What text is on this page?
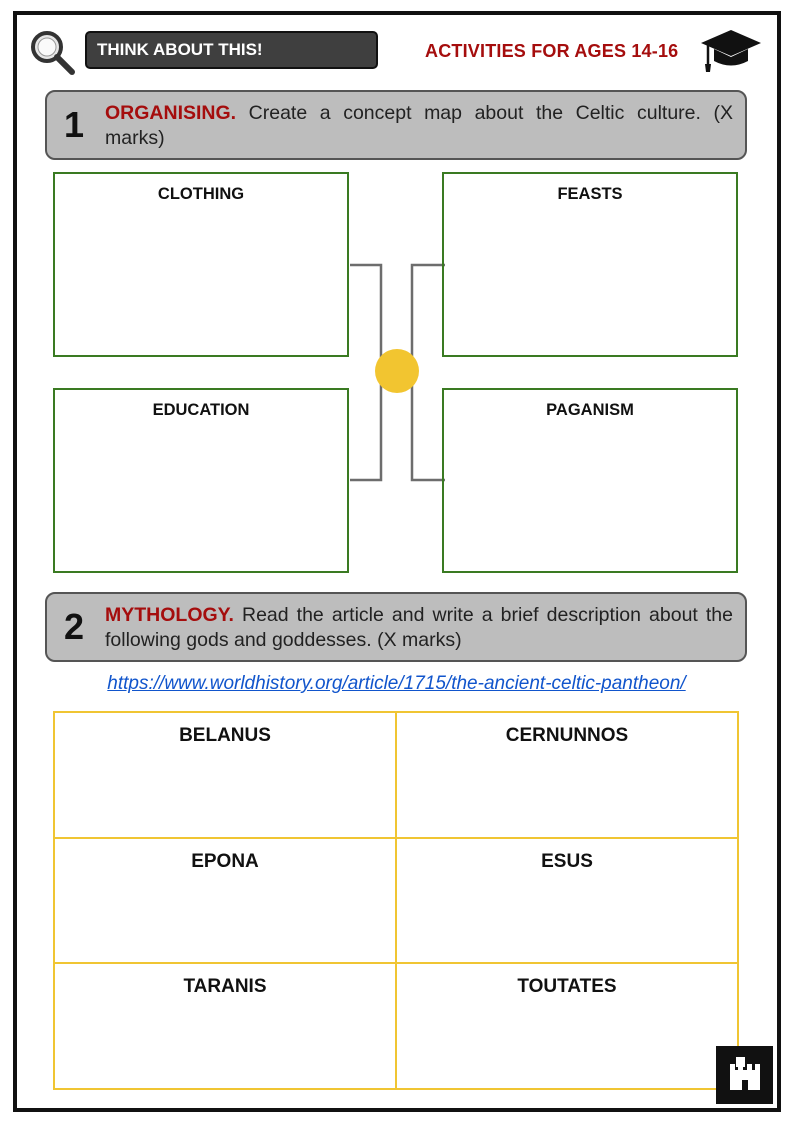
THINK ABOUT THIS!	ACTIVITIES FOR AGES 14-16
1 ORGANISING. Create a concept map about the Celtic culture. (X marks)
CLOTHING	FEASTS
EDUCATION	PAGANISM
2 MYTHOLOGY. Read the article and write a brief description about the following gods and goddesses. (X marks)
https://www.worldhistory.org/article/1715/the-ancient-celtic-pantheon/
BELANUS	CERNUNNOS
EPONA	ESUS
TARANIS	TOUTATES
